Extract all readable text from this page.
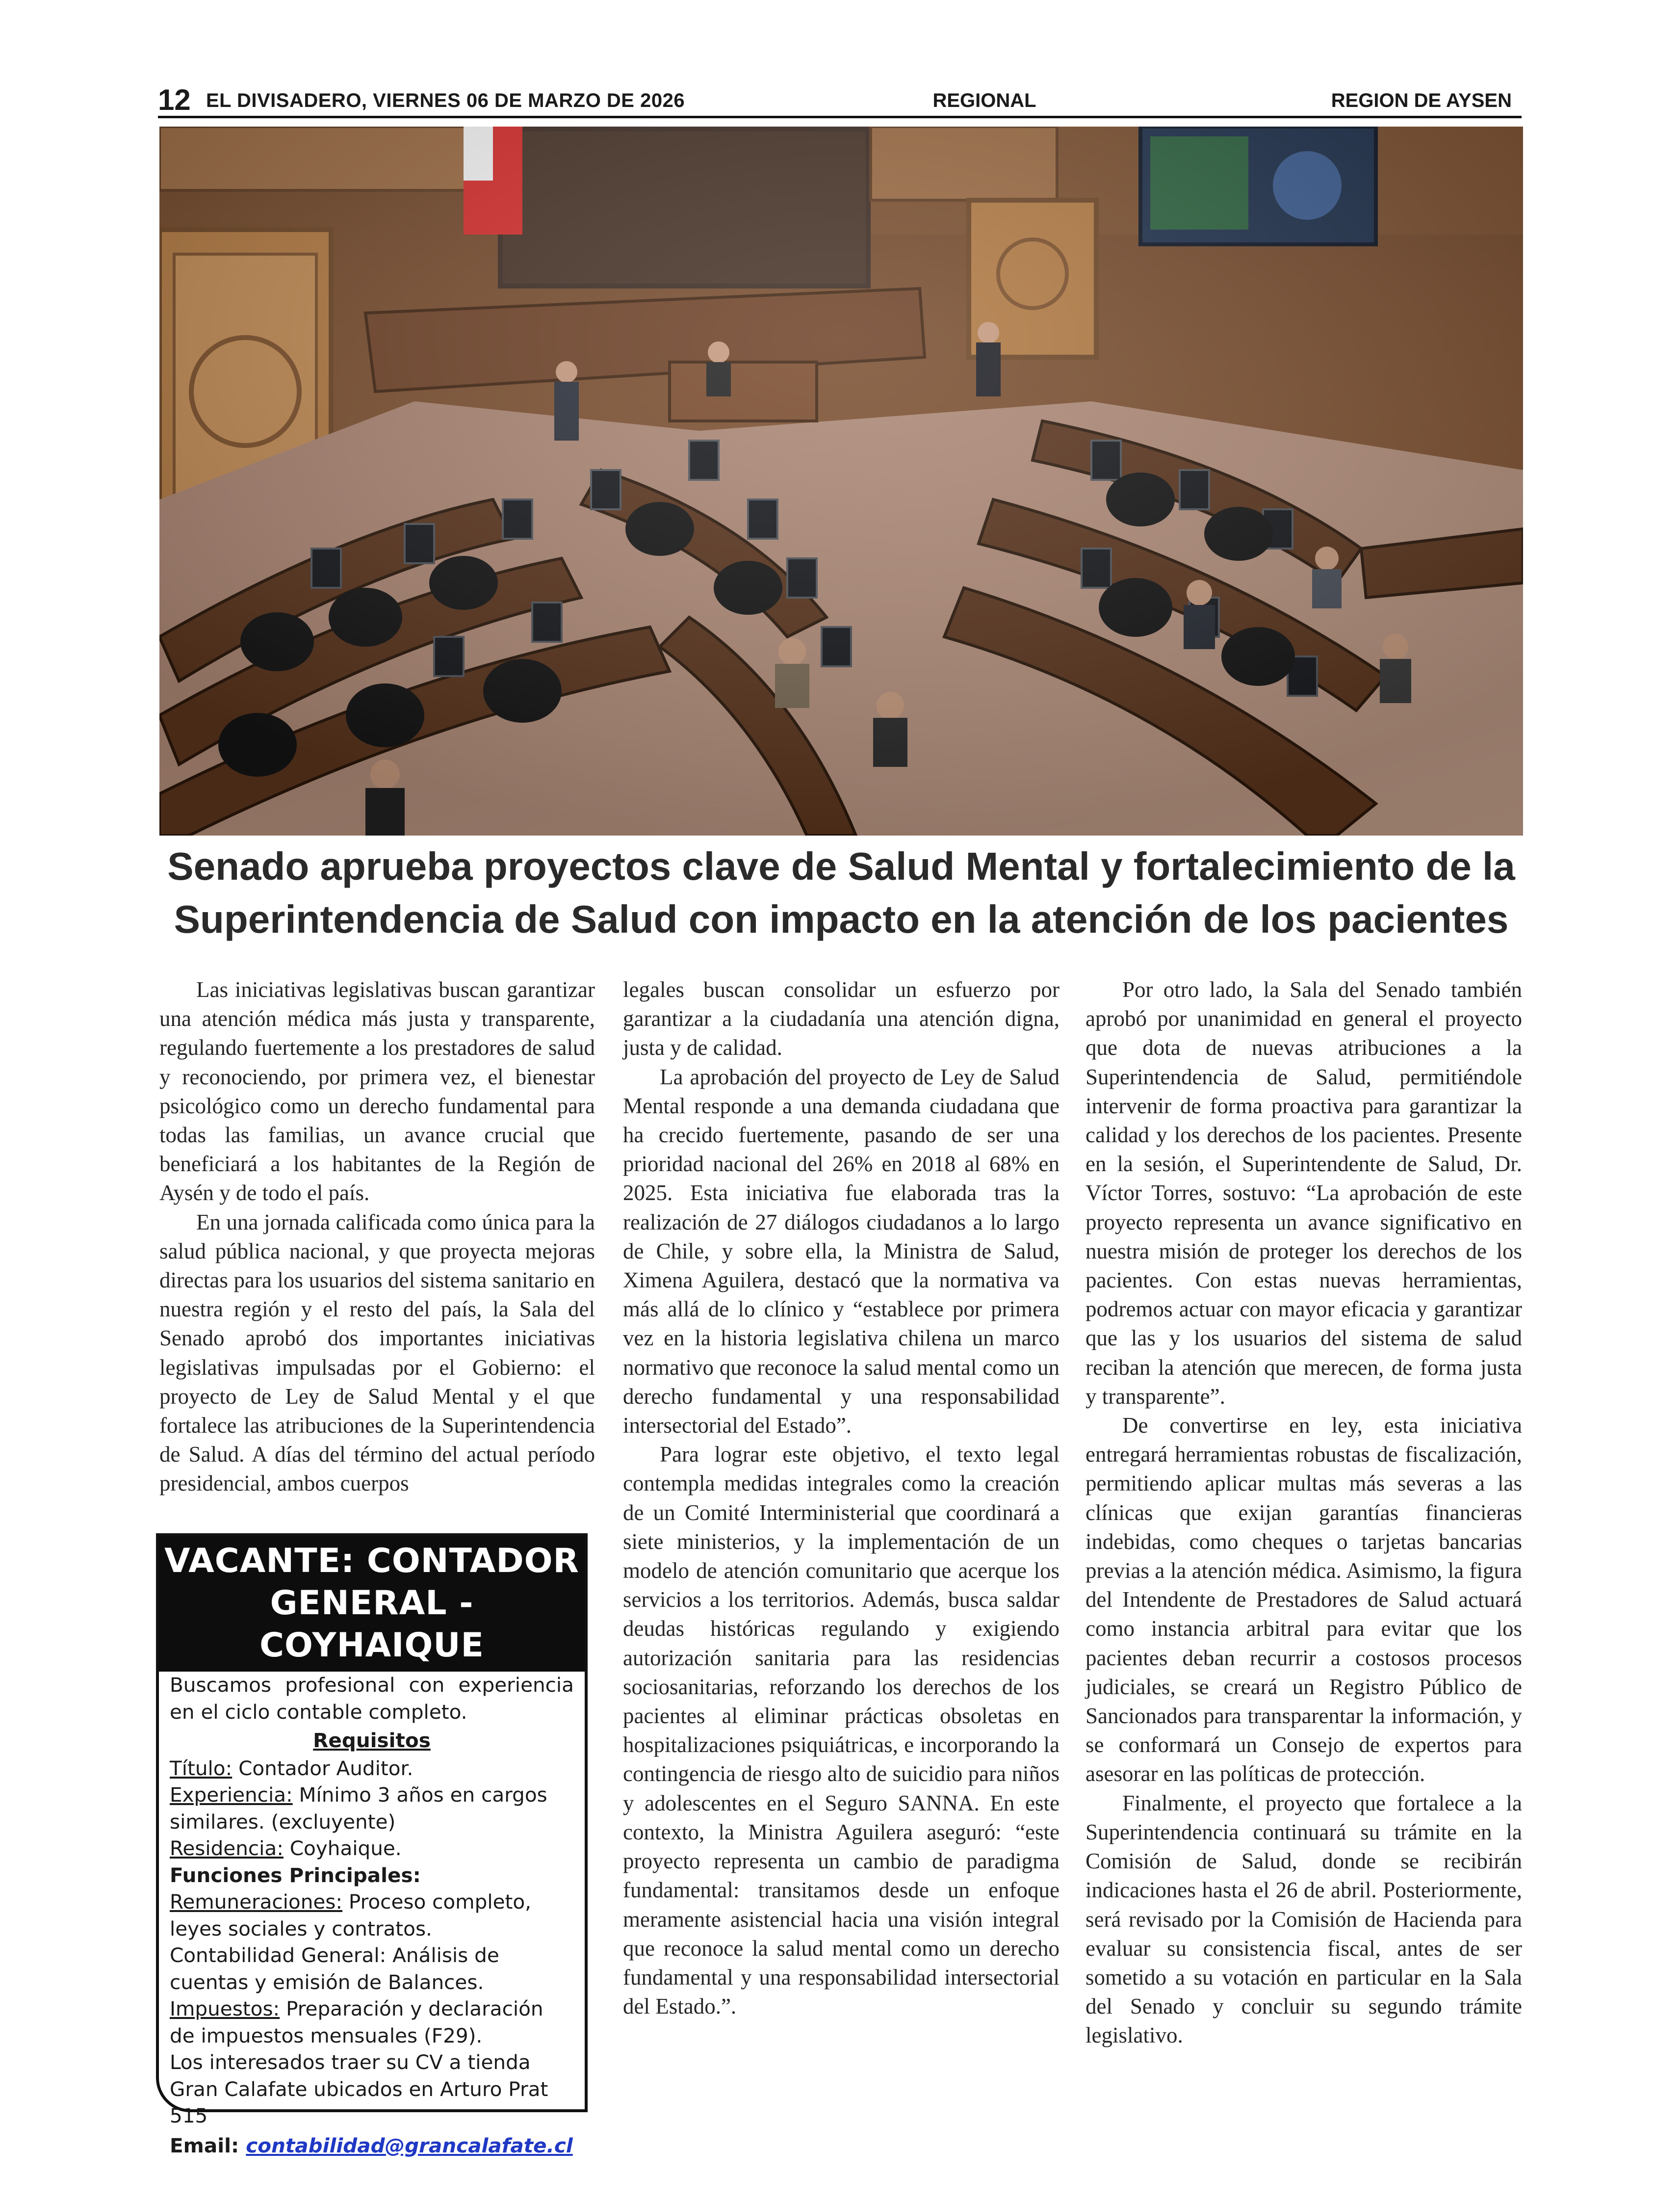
12 EL DIVISADERO, VIERNES 06 DE MARZO DE 2026	REGIONAL	REGION DE AYSEN
Senado aprueba proyectos clave de Salud Mental y fortalecimiento de la
Superintendencia de Salud con impacto en la atención de los pacientes

Las iniciativas legislativas buscan garantizar una atención médica más justa y transparente, regulando fuertemente a los prestadores de salud y reconociendo, por primera vez, el bienestar psicológico como un derecho fundamental para todas las familias, un avance crucial que beneficiará a los habitantes de la Región de Aysén y de todo el país.

En una jornada calificada como única para la salud pública nacional, y que proyecta mejoras directas para los usuarios del sistema sanitario en nuestra región y el resto del país, la Sala del Senado aprobó dos importantes iniciativas legislativas impulsadas por el Gobierno: el proyecto de Ley de Salud Mental y el que fortalece las atribuciones de la Superintendencia de Salud. A días del término del actual período presidencial, ambos cuerpos

legales buscan consolidar un esfuerzo por garantizar a la ciudadanía una atención digna, justa y de calidad.

La aprobación del proyecto de Ley de Salud Mental responde a una demanda ciudadana que ha crecido fuertemente, pasando de ser una prioridad nacional del 26% en 2018 al 68% en 2025. Esta iniciativa fue elaborada tras la realización de 27 diálogos ciudadanos a lo largo de Chile, y sobre ella, la Ministra de Salud, Ximena Aguilera, destacó que la normativa va más allá de lo clínico y “establece por primera vez en la historia legislativa chilena un marco normativo que reconoce la salud mental como un derecho fundamental y una responsabilidad intersectorial del Estado”.

Para lograr este objetivo, el texto legal contempla medidas integrales como la creación de un Comité Interministerial que coordinará a siete ministerios, y la implementación de un modelo de atención comunitario que acerque los servicios a los territorios. Además, busca saldar deudas históricas regulando y exigiendo autorización sanitaria para las residencias sociosanitarias, reforzando los derechos de los pacientes al eliminar prácticas obsoletas en hospitalizaciones psiquiátricas, e incorporando la contingencia de riesgo alto de suicidio para niños y adolescentes en el Seguro SANNA. En este contexto, la Ministra Aguilera aseguró: “este proyecto representa un cambio de paradigma fundamental: transitamos desde un enfoque meramente asistencial hacia una visión integral que reconoce la salud mental como un derecho fundamental y una responsabilidad intersectorial del Estado.”.

Por otro lado, la Sala del Senado también aprobó por unanimidad en general el proyecto que dota de nuevas atribuciones a la Superintendencia de Salud, permitiéndole intervenir de forma proactiva para garantizar la calidad y los derechos de los pacientes. Presente en la sesión, el Superintendente de Salud, Dr. Víctor Torres, sostuvo: “La aprobación de este proyecto representa un avance significativo en nuestra misión de proteger los derechos de los pacientes. Con estas nuevas herramientas, podremos actuar con mayor eficacia y garantizar que las y los usuarios del sistema de salud reciban la atención que merecen, de forma justa y transparente”.

De convertirse en ley, esta iniciativa entregará herramientas robustas de fiscalización, permitiendo aplicar multas más severas a las clínicas que exijan garantías financieras indebidas, como cheques o tarjetas bancarias previas a la atención médica. Asimismo, la figura del Intendente de Prestadores de Salud actuará como instancia arbitral para evitar que los pacientes deban recurrir a costosos procesos judiciales, se creará un Registro Público de Sancionados para transparentar la información, y se conformará un Consejo de expertos para asesorar en las políticas de protección.

Finalmente, el proyecto que fortalece a la Superintendencia continuará su trámite en la Comisión de Salud, donde se recibirán indicaciones hasta el 26 de abril. Posteriormente, será revisado por la Comisión de Hacienda para evaluar su consistencia fiscal, antes de ser sometido a su votación en particular en la Sala del Senado y concluir su segundo trámite legislativo.

VACANTE: CONTADOR
GENERAL - COYHAIQUE
Buscamos profesional con experiencia en el ciclo contable completo.
Requisitos
Título: Contador Auditor.
Experiencia: Mínimo 3 años en cargos similares. (excluyente)
Residencia: Coyhaique.
Funciones Principales:
Remuneraciones: Proceso completo, leyes sociales y contratos.
Contabilidad General: Análisis de cuentas y emisión de Balances.
Impuestos: Preparación y declaración de impuestos mensuales (F29).
Los interesados traer su CV a tienda Gran Calafate ubicados en Arturo Prat 515
Email: contabilidad@grancalafate.cl
